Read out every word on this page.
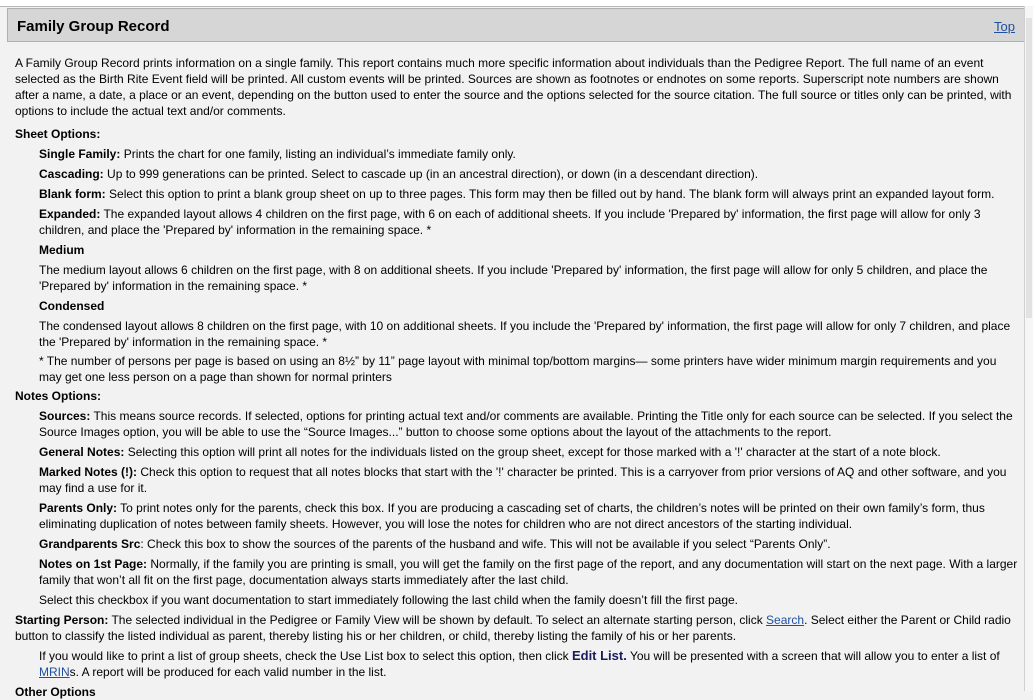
Family Group Record	Top

A Family Group Record prints information on a single family. This report contains much more specific information about individuals than the Pedigree Report. The full name of an event selected as the Birth Rite Event field will be printed. All custom events will be printed. Sources are shown as footnotes or endnotes on some reports. Superscript note numbers are shown after a name, a date, a place or an event, depending on the button used to enter the source and the options selected for the source citation. The full source or titles only can be printed, with options to include the actual text and/or comments.

Sheet Options:
Single Family: Prints the chart for one family, listing an individual’s immediate family only.
Cascading: Up to 999 generations can be printed. Select to cascade up (in an ancestral direction), or down (in a descendant direction).
Blank form: Select this option to print a blank group sheet on up to three pages. This form may then be filled out by hand. The blank form will always print an expanded layout form.
Expanded: The expanded layout allows 4 children on the first page, with 6 on each of additional sheets. If you include 'Prepared by' information, the first page will allow for only 3 children, and place the 'Prepared by' information in the remaining space. *
Medium
The medium layout allows 6 children on the first page, with 8 on additional sheets. If you include 'Prepared by' information, the first page will allow for only 5 children, and place the 'Prepared by' information in the remaining space. *
Condensed
The condensed layout allows 8 children on the first page, with 10 on additional sheets. If you include the 'Prepared by' information, the first page will allow for only 7 children, and place the 'Prepared by' information in the remaining space. *
* The number of persons per page is based on using an 8½” by 11” page layout with minimal top/bottom margins— some printers have wider minimum margin requirements and you may get one less person on a page than shown for normal printers
Notes Options:
Sources: This means source records. If selected, options for printing actual text and/or comments are available. Printing the Title only for each source can be selected. If you select the Source Images option, you will be able to use the “Source Images...” button to choose some options about the layout of the attachments to the report.
General Notes: Selecting this option will print all notes for the individuals listed on the group sheet, except for those marked with a '!' character at the start of a note block.
Marked Notes (!): Check this option to request that all notes blocks that start with the '!' character be printed. This is a carryover from prior versions of AQ and other software, and you may find a use for it.
Parents Only: To print notes only for the parents, check this box. If you are producing a cascading set of charts, the children’s notes will be printed on their own family’s form, thus eliminating duplication of notes between family sheets. However, you will lose the notes for children who are not direct ancestors of the starting individual.
Grandparents Src: Check this box to show the sources of the parents of the husband and wife. This will not be available if you select “Parents Only”.
Notes on 1st Page: Normally, if the family you are printing is small, you will get the family on the first page of the report, and any documentation will start on the next page. With a larger family that won’t all fit on the first page, documentation always starts immediately after the last child.
Select this checkbox if you want documentation to start immediately following the last child when the family doesn’t fill the first page.
Starting Person: The selected individual in the Pedigree or Family View will be shown by default. To select an alternate starting person, click Search. Select either the Parent or Child radio button to classify the listed individual as parent, thereby listing his or her children, or child, thereby listing the family of his or her parents.
If you would like to print a list of group sheets, check the Use List box to select this option, then click Edit List. You will be presented with a screen that will allow you to enter a list of MRINs. A report will be produced for each valid number in the list.
Other Options
